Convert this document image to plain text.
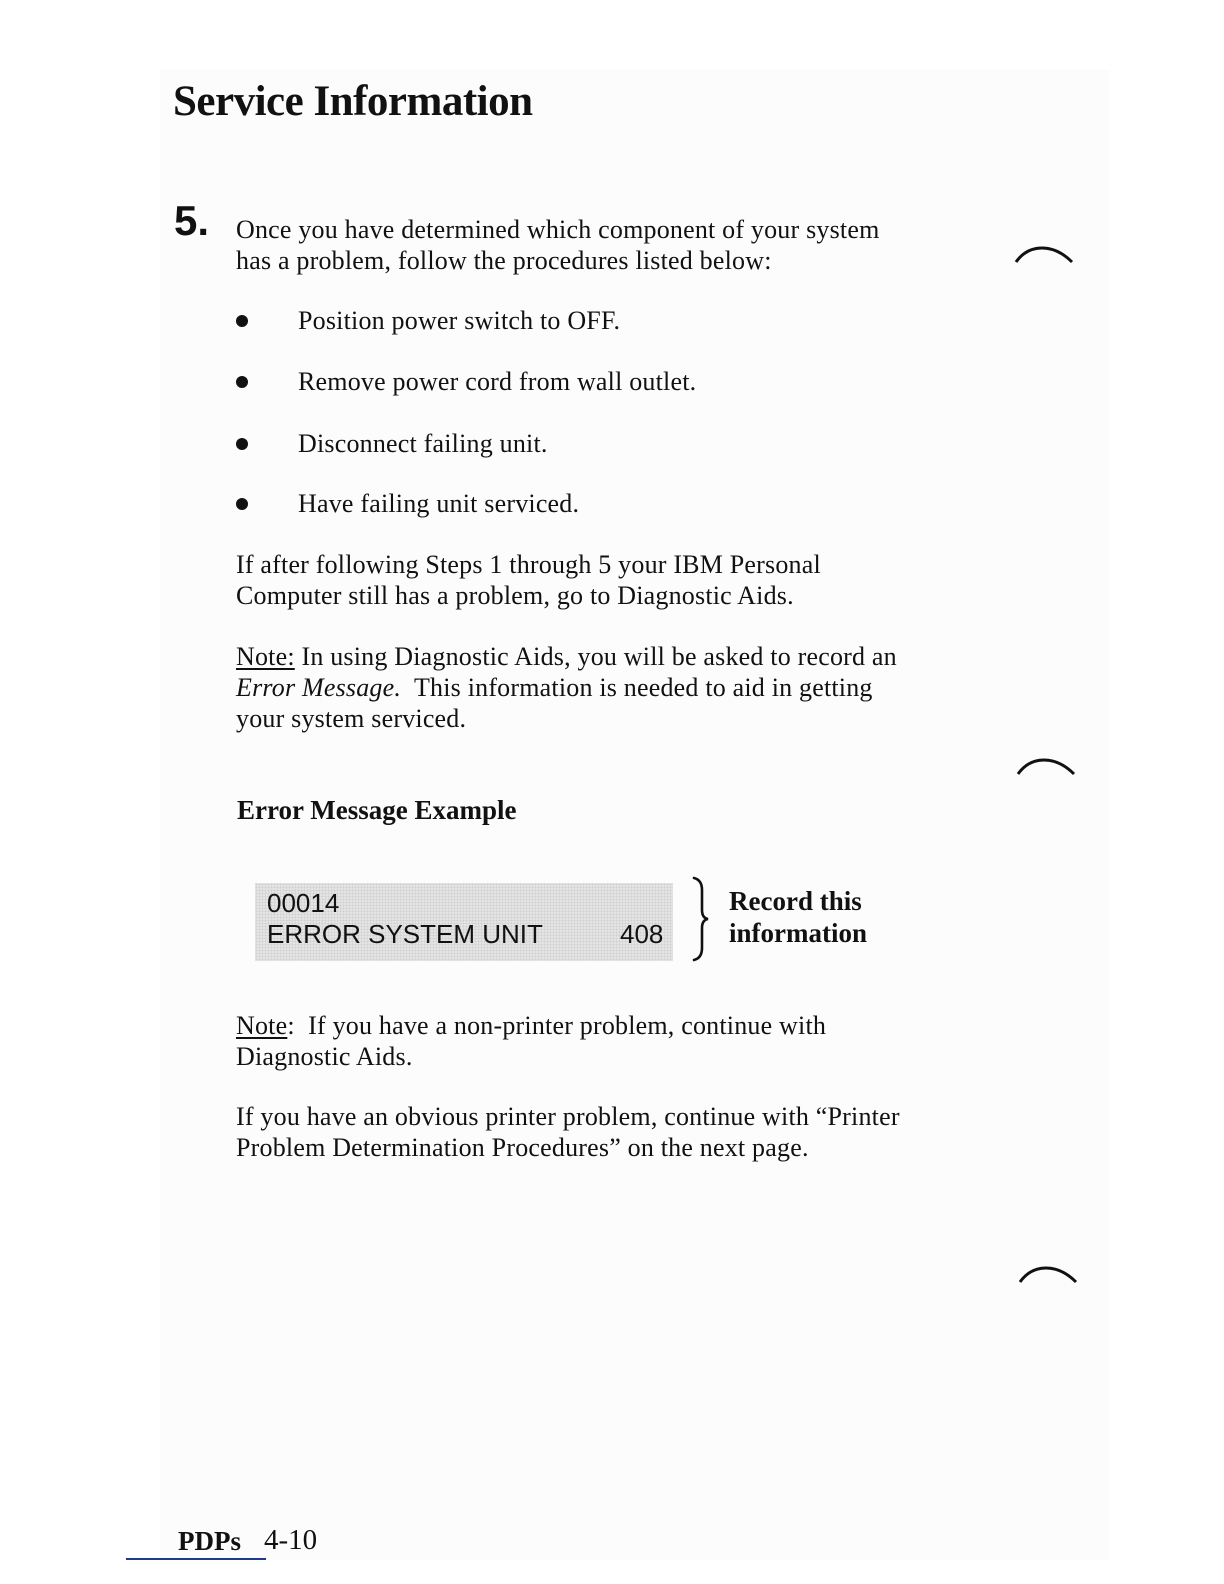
Service Information
5. Once you have determined which component of your system
has a problem, follow the procedures listed below:
Position power switch to OFF.
Remove power cord from wall outlet.
Disconnect failing unit.
Have failing unit serviced.
If after following Steps 1 through 5 your IBM Personal
Computer still has a problem, go to Diagnostic Aids.
Note: In using Diagnostic Aids, you will be asked to record an
Error Message.  This information is needed to aid in getting
your system serviced.
Error Message Example
00014
ERROR SYSTEM UNIT	408
Record this
information
Note:  If you have a non-printer problem, continue with
Diagnostic Aids.
If you have an obvious printer problem, continue with “Printer
Problem Determination Procedures” on the next page.
PDPs 4-10
